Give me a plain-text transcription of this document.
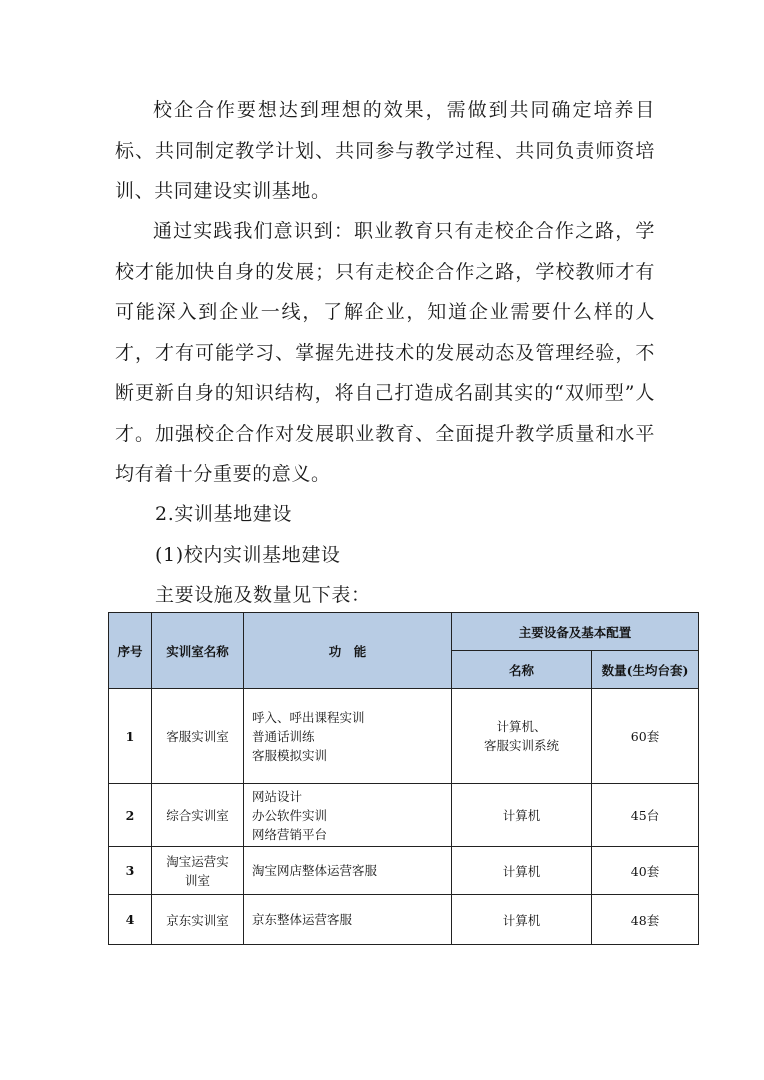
校企合作要想达到理想的效果，需做到共同确定培养目标、共同制定教学计划、共同参与教学过程、共同负责师资培训、共同建设实训基地。

通过实践我们意识到：职业教育只有走校企合作之路，学校才能加快自身的发展；只有走校企合作之路，学校教师才有可能深入到企业一线，了解企业，知道企业需要什么样的人才，才有可能学习、掌握先进技术的发展动态及管理经验，不断更新自身的知识结构，将自己打造成名副其实的“双师型”人才。加强校企合作对发展职业教育、全面提升教学质量和水平均有着十分重要的意义。

2.实训基地建设

(1)校内实训基地建设

主要设施及数量见下表：

序号	实训室名称	功　能	主要设备及基本配置	
			名称	数量(生均台套)
1	客服实训室	呼入、呼出课程实训
普通话训练
客服模拟实训	计算机、
客服实训系统	60套
2	综合实训室	网站设计
办公软件实训
网络营销平台	计算机	45台
3	淘宝运营实
训室	淘宝网店整体运营客服	计算机	40套
4	京东实训室	京东整体运营客服	计算机	48套
